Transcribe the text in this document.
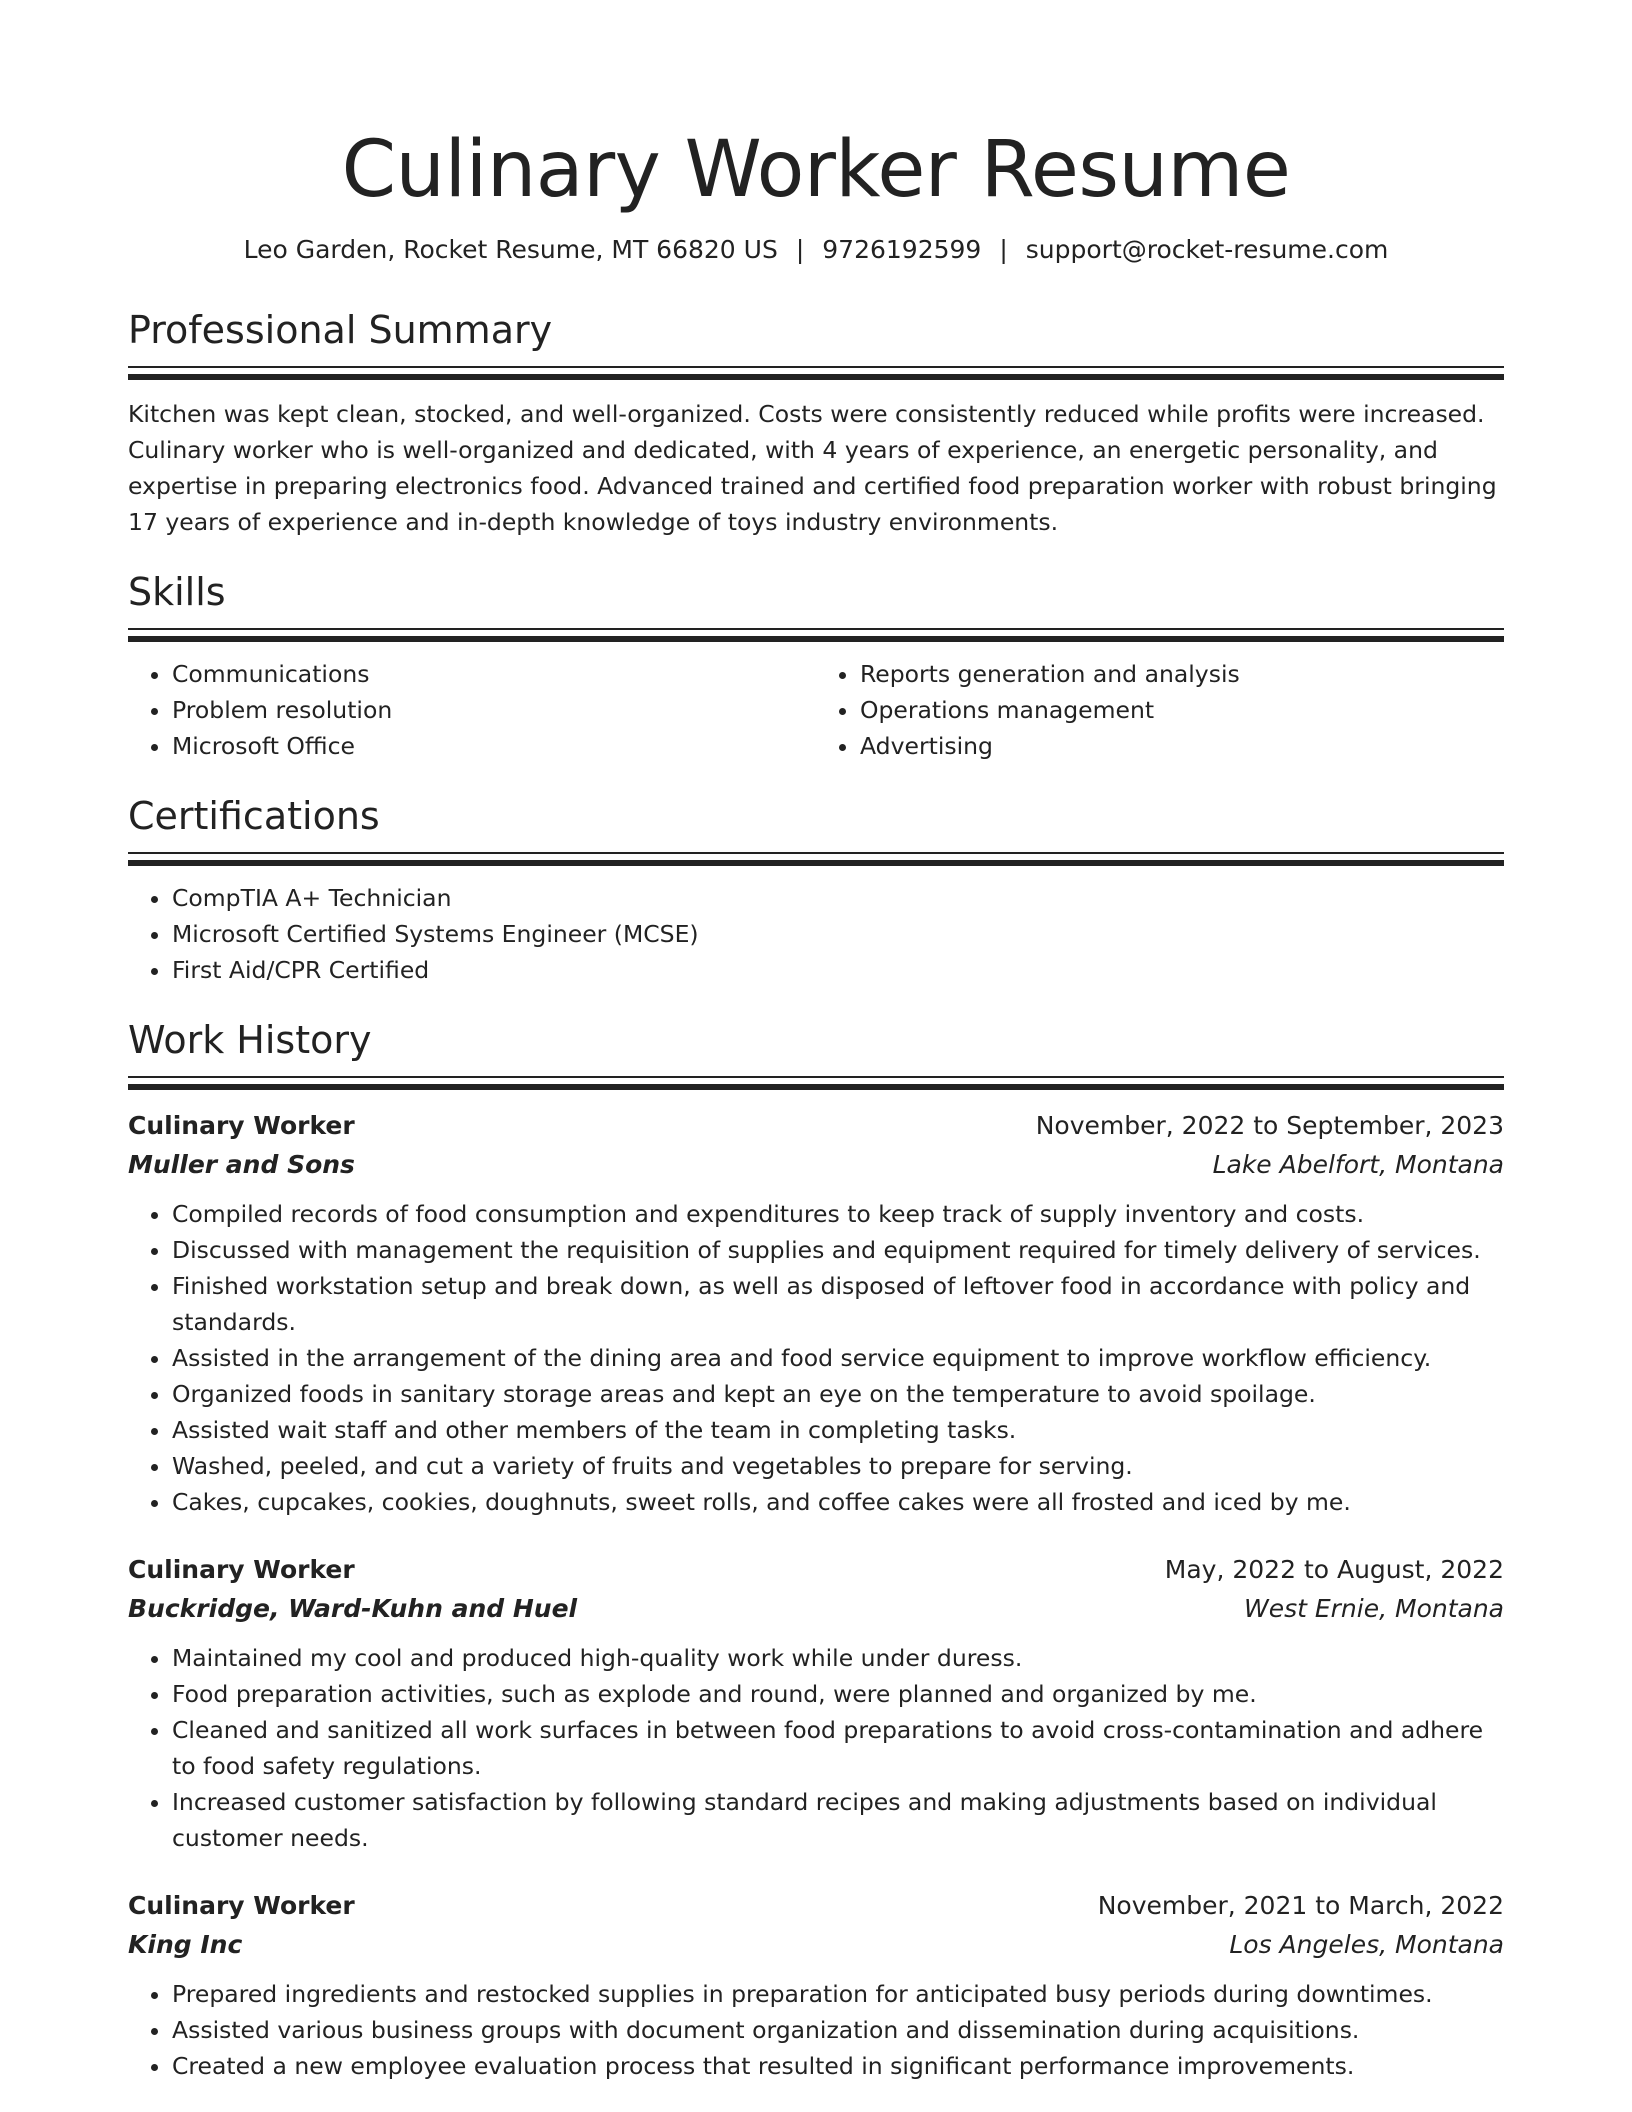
Culinary Worker Resume
Leo Garden, Rocket Resume, MT 66820 US | 9726192599 | support@rocket-resume.com
Professional Summary

Kitchen was kept clean, stocked, and well-organized. Costs were consistently reduced while profits were increased. Culinary worker who is well-organized and dedicated, with 4 years of experience, an energetic personality, and expertise in preparing electronics food. Advanced trained and certified food preparation worker with robust bringing 17 years of experience and in-depth knowledge of toys industry environments.

Skills
• Communications
• Problem resolution
• Microsoft Office
• Reports generation and analysis
• Operations management
• Advertising
Certifications
• CompTIA A+ Technician
• Microsoft Certified Systems Engineer (MCSE)
• First Aid/CPR Certified
Work History
Culinary Worker	November, 2022 to September, 2023
Muller and Sons	Lake Abelfort, Montana
• Compiled records of food consumption and expenditures to keep track of supply inventory and costs.
• Discussed with management the requisition of supplies and equipment required for timely delivery of services.
• Finished workstation setup and break down, as well as disposed of leftover food in accordance with policy and standards.
• Assisted in the arrangement of the dining area and food service equipment to improve workflow efficiency.
• Organized foods in sanitary storage areas and kept an eye on the temperature to avoid spoilage.
• Assisted wait staff and other members of the team in completing tasks.
• Washed, peeled, and cut a variety of fruits and vegetables to prepare for serving.
• Cakes, cupcakes, cookies, doughnuts, sweet rolls, and coffee cakes were all frosted and iced by me.
Culinary Worker	May, 2022 to August, 2022
Buckridge, Ward-Kuhn and Huel	West Ernie, Montana
• Maintained my cool and produced high-quality work while under duress.
• Food preparation activities, such as explode and round, were planned and organized by me.
• Cleaned and sanitized all work surfaces in between food preparations to avoid cross-contamination and adhere to food safety regulations.
• Increased customer satisfaction by following standard recipes and making adjustments based on individual customer needs.
Culinary Worker	November, 2021 to March, 2022
King Inc	Los Angeles, Montana
• Prepared ingredients and restocked supplies in preparation for anticipated busy periods during downtimes.
• Assisted various business groups with document organization and dissemination during acquisitions.
• Created a new employee evaluation process that resulted in significant performance improvements.
